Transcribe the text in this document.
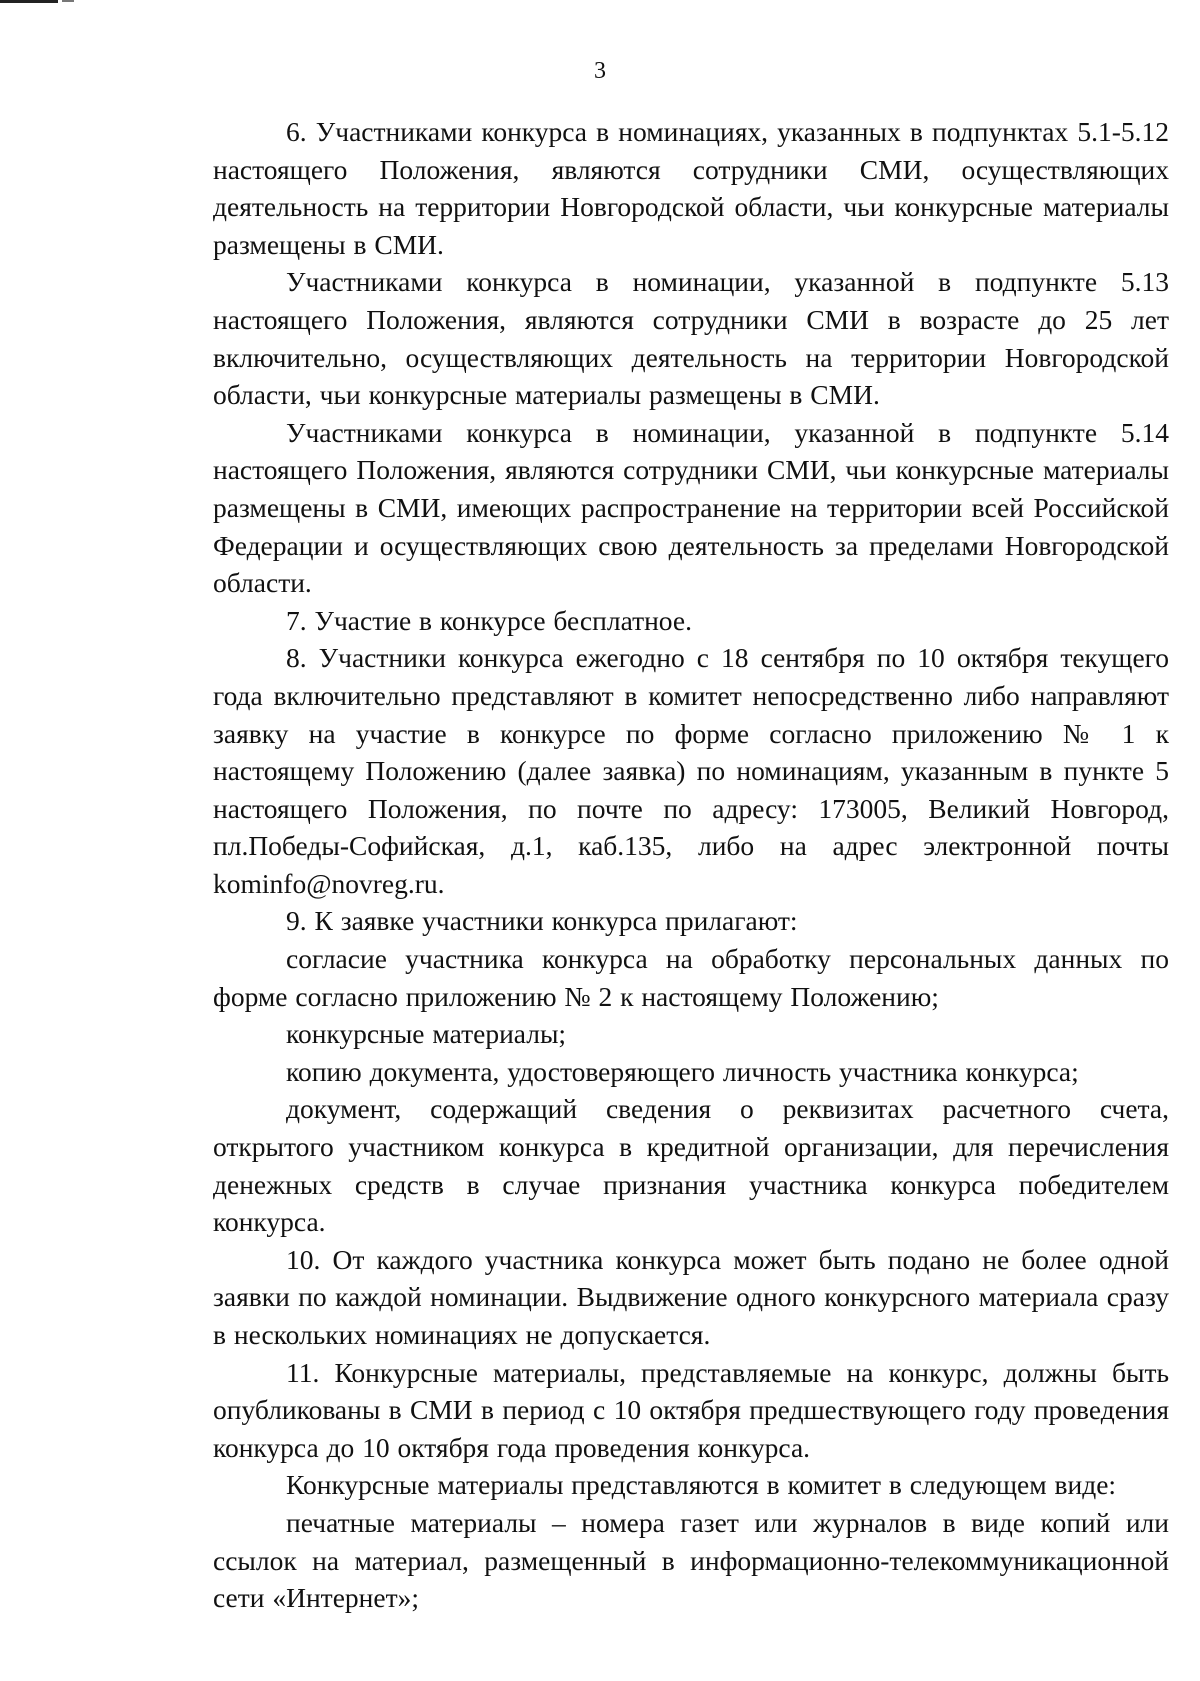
3

6. Участниками конкурса в номинациях, указанных в подпунктах 5.1-5.12 настоящего Положения, являются сотрудники СМИ, осуществляющих деятельность на территории Новгородской области, чьи конкурсные материалы размещены в СМИ.

Участниками конкурса в номинации, указанной в подпункте 5.13 настоящего Положения, являются сотрудники СМИ в возрасте до 25 лет включительно, осуществляющих деятельность на территории Новгородской области, чьи конкурсные материалы размещены в СМИ.

Участниками конкурса в номинации, указанной в подпункте 5.14 настоящего Положения, являются сотрудники СМИ, чьи конкурсные материалы размещены в СМИ, имеющих распространение на территории всей Российской Федерации и осуществляющих свою деятельность за пределами Новгородской области.

7. Участие в конкурсе бесплатное.

8. Участники конкурса ежегодно с 18 сентября по 10 октября текущего года включительно представляют в комитет непосредственно либо направляют заявку на участие в конкурсе по форме согласно приложению № 1 к настоящему Положению (далее заявка) по номинациям, указанным в пункте 5 настоящего Положения, по почте по адресу: 173005, Великий Новгород, пл.Победы-Софийская, д.1, каб.135, либо на адрес электронной почты kominfo@novreg.ru.

9. К заявке участники конкурса прилагают:

согласие участника конкурса на обработку персональных данных по форме согласно приложению № 2 к настоящему Положению;

конкурсные материалы;

копию документа, удостоверяющего личность участника конкурса;

документ, содержащий сведения о реквизитах расчетного счета, открытого участником конкурса в кредитной организации, для перечисления денежных средств в случае признания участника конкурса победителем конкурса.

10. От каждого участника конкурса может быть подано не более одной заявки по каждой номинации. Выдвижение одного конкурсного материала сразу в нескольких номинациях не допускается.

11. Конкурсные материалы, представляемые на конкурс, должны быть опубликованы в СМИ в период с 10 октября предшествующего году проведения конкурса до 10 октября года проведения конкурса.

Конкурсные материалы представляются в комитет в следующем виде:

печатные материалы – номера газет или журналов в виде копий или ссылок на материал, размещенный в информационно-телекоммуникационной сети «Интернет»;
